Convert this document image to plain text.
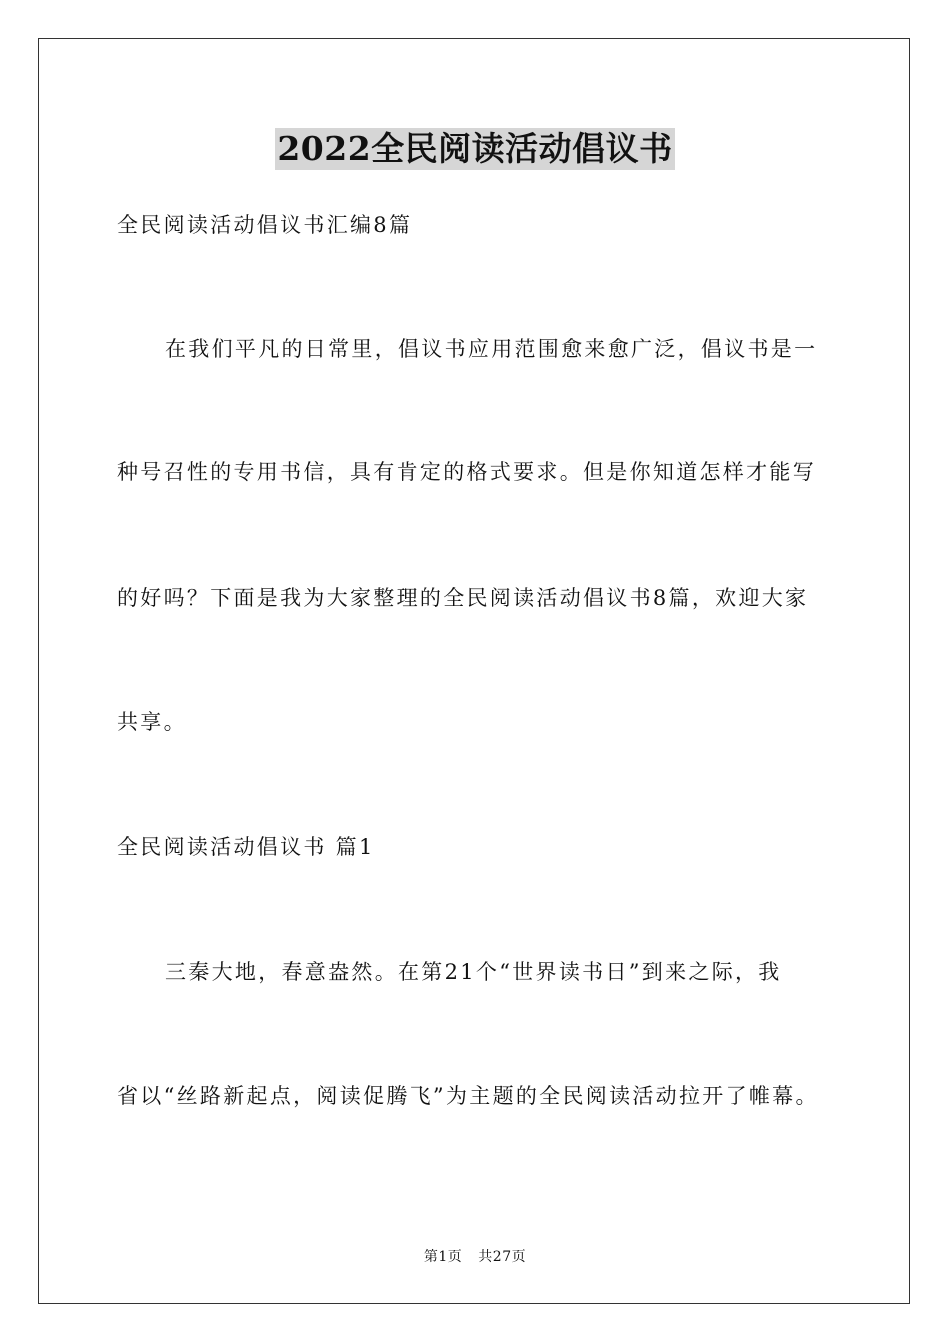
2022全民阅读活动倡议书
全民阅读活动倡议书汇编8篇
在我们平凡的日常里，倡议书应用范围愈来愈广泛，倡议书是一
种号召性的专用书信，具有肯定的格式要求。但是你知道怎样才能写
的好吗？下面是我为大家整理的全民阅读活动倡议书8篇，欢迎大家
共享。
全民阅读活动倡议书 篇1
三秦大地，春意盎然。在第21个“世界读书日”到来之际，我
省以“丝路新起点，阅读促腾飞”为主题的全民阅读活动拉开了帷幕。
第1页 共27页
